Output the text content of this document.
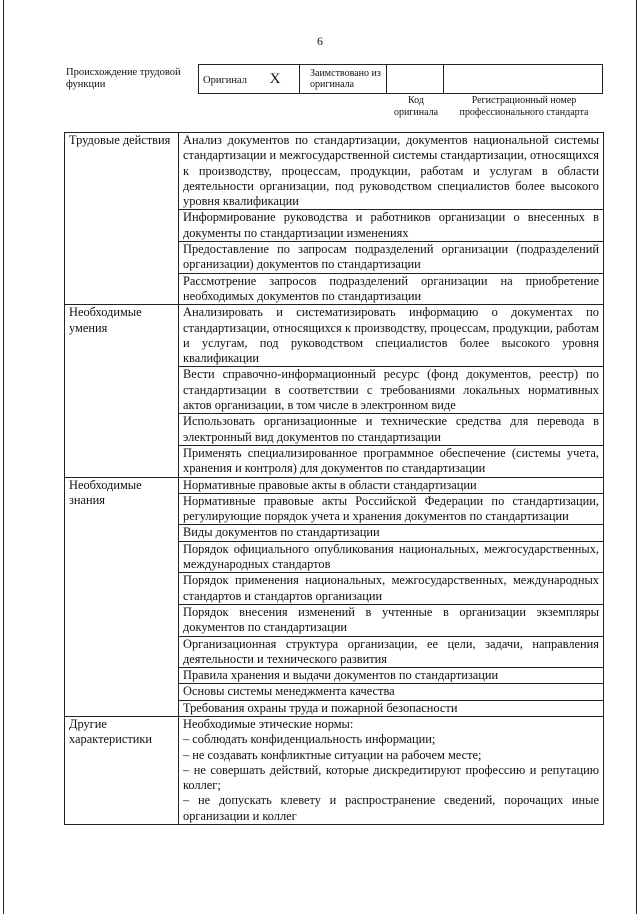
6
Происхождение трудовой функции	Оригинал X	Заимствовано из оригинала		
Код оригинала
Регистрационный номер профессионального стандарта
Трудовые действия	Анализ документов по стандартизации, документов национальной системы стандартизации и межгосударственной системы стандартизации, относящихся к производству, процессам, продукции, работам и услугам в области деятельности организации, под руководством специалистов более высокого уровня квалификации
	Информирование руководства и работников организации о внесенных в документы по стандартизации изменениях
	Предоставление по запросам подразделений организации (подразделений организации) документов по стандартизации
	Рассмотрение запросов подразделений организации на приобретение необходимых документов по стандартизации
Необходимые умения	Анализировать и систематизировать информацию о документах по стандартизации, относящихся к производству, процессам, продукции, работам и услугам, под руководством специалистов более высокого уровня квалификации
	Вести справочно-информационный ресурс (фонд документов, реестр) по стандартизации в соответствии с требованиями локальных нормативных актов организации, в том числе в электронном виде
	Использовать организационные и технические средства для перевода в электронный вид документов по стандартизации
	Применять специализированное программное обеспечение (системы учета, хранения и контроля) для документов по стандартизации
Необходимые знания	Нормативные правовые акты в области стандартизации
	Нормативные правовые акты Российской Федерации по стандартизации, регулирующие порядок учета и хранения документов по стандартизации
	Виды документов по стандартизации
	Порядок официального опубликования национальных, межгосударственных, международных стандартов
	Порядок применения национальных, межгосударственных, международных стандартов и стандартов организации
	Порядок внесения изменений в учтенные в организации экземпляры документов по стандартизации
	Организационная структура организации, ее цели, задачи, направления деятельности и технического развития
	Правила хранения и выдачи документов по стандартизации
	Основы системы менеджмента качества
	Требования охраны труда и пожарной безопасности
Другие характеристики	Необходимые этические нормы:
– соблюдать конфиденциальность информации;
– не создавать конфликтные ситуации на рабочем месте;
– не совершать действий, которые дискредитируют профессию и репутацию коллег;
– не допускать клевету и распространение сведений, порочащих иные организации и коллег
